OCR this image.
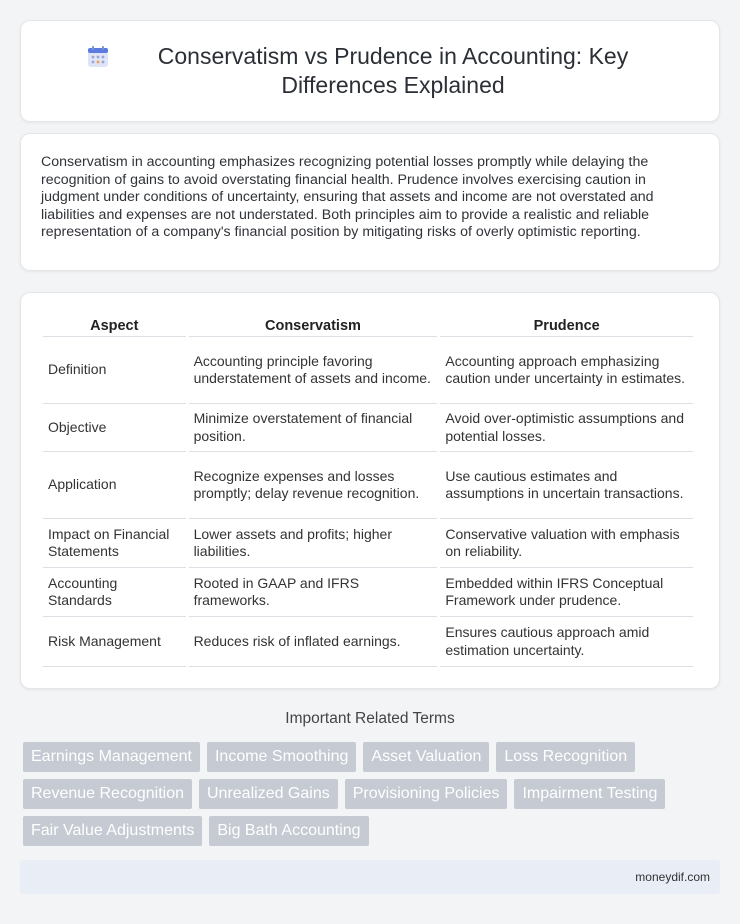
Conservatism vs Prudence in Accounting: Key Differences Explained

Conservatism in accounting emphasizes recognizing potential losses promptly while delaying the recognition of gains to avoid overstating financial health. Prudence involves exercising caution in judgment under conditions of uncertainty, ensuring that assets and income are not overstated and liabilities and expenses are not understated. Both principles aim to provide a realistic and reliable representation of a company's financial position by mitigating risks of overly optimistic reporting.

Aspect	Conservatism	Prudence
Definition	Accounting principle favoring understatement of assets and income.	Accounting approach emphasizing caution under uncertainty in estimates.
Objective	Minimize overstatement of financial position.	Avoid over-optimistic assumptions and potential losses.
Application	Recognize expenses and losses promptly; delay revenue recognition.	Use cautious estimates and assumptions in uncertain transactions.
Impact on Financial Statements	Lower assets and profits; higher liabilities.	Conservative valuation with emphasis on reliability.
Accounting Standards	Rooted in GAAP and IFRS frameworks.	Embedded within IFRS Conceptual Framework under prudence.
Risk Management	Reduces risk of inflated earnings.	Ensures cautious approach amid estimation uncertainty.
Important Related Terms
Earnings Management	Income Smoothing	Asset Valuation	Loss Recognition
Revenue Recognition	Unrealized Gains	Provisioning Policies	Impairment Testing
Fair Value Adjustments	Big Bath Accounting
moneydif.com
